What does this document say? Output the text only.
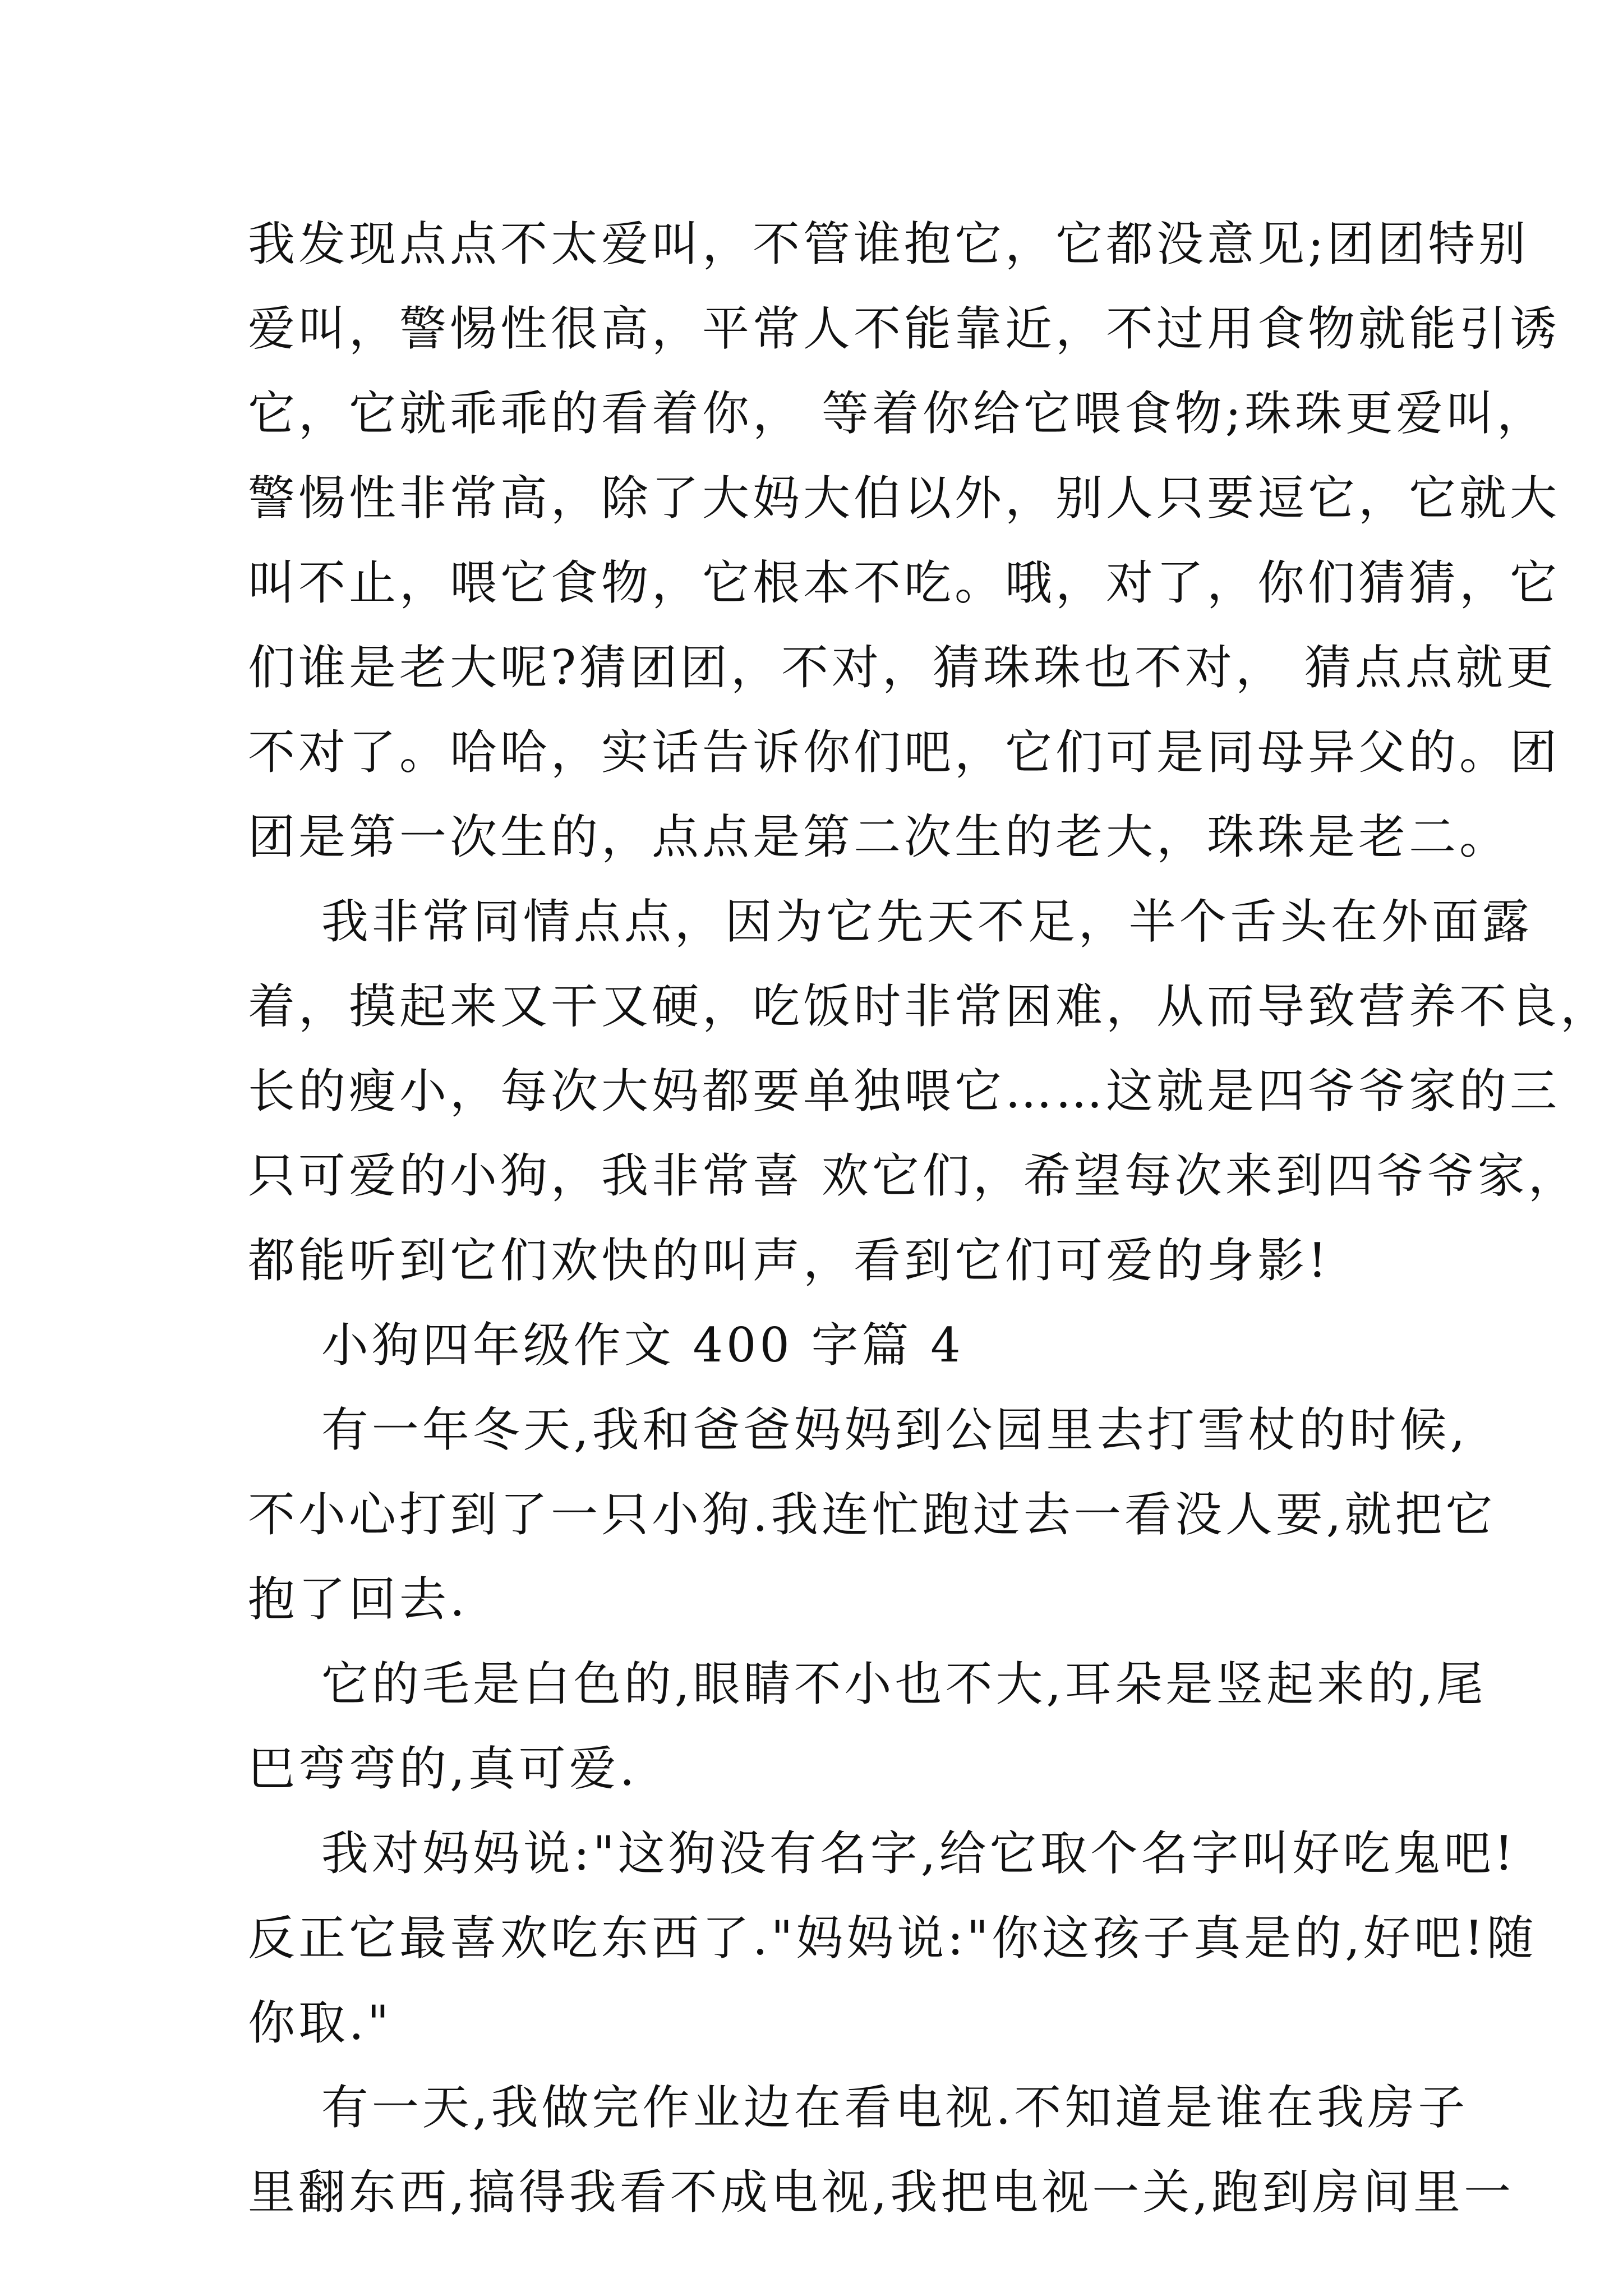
我发现点点不太爱叫，不管谁抱它，它都没意见;团团特别
爱叫，警惕性很高，平常人不能靠近，不过用食物就能引诱
它，它就乖乖的看着你， 等着你给它喂食物;珠珠更爱叫，
警惕性非常高，除了大妈大伯以外，别人只要逗它，它就大
叫不止，喂它食物，它根本不吃。哦，对了，你们猜猜，它
们谁是老大呢?猜团团，不对，猜珠珠也不对， 猜点点就更
不对了。哈哈，实话告诉你们吧，它们可是同母异父的。团
团是第一次生的，点点是第二次生的老大，珠珠是老二。
我非常同情点点，因为它先天不足，半个舌头在外面露
着，摸起来又干又硬，吃饭时非常困难，从而导致营养不良，
长的瘦小，每次大妈都要单独喂它……这就是四爷爷家的三
只可爱的小狗，我非常喜 欢它们，希望每次来到四爷爷家，
都能听到它们欢快的叫声，看到它们可爱的身影!
小狗四年级作文 400 字篇 4
有一年冬天,我和爸爸妈妈到公园里去打雪杖的时候,
不小心打到了一只小狗.我连忙跑过去一看没人要,就把它
抱了回去.
它的毛是白色的,眼睛不小也不大,耳朵是竖起来的,尾
巴弯弯的,真可爱.
我对妈妈说:"这狗没有名字,给它取个名字叫好吃鬼吧!
反正它最喜欢吃东西了."妈妈说:"你这孩子真是的,好吧!随
你取."
有一天,我做完作业边在看电视.不知道是谁在我房子
里翻东西,搞得我看不成电视,我把电视一关,跑到房间里一
